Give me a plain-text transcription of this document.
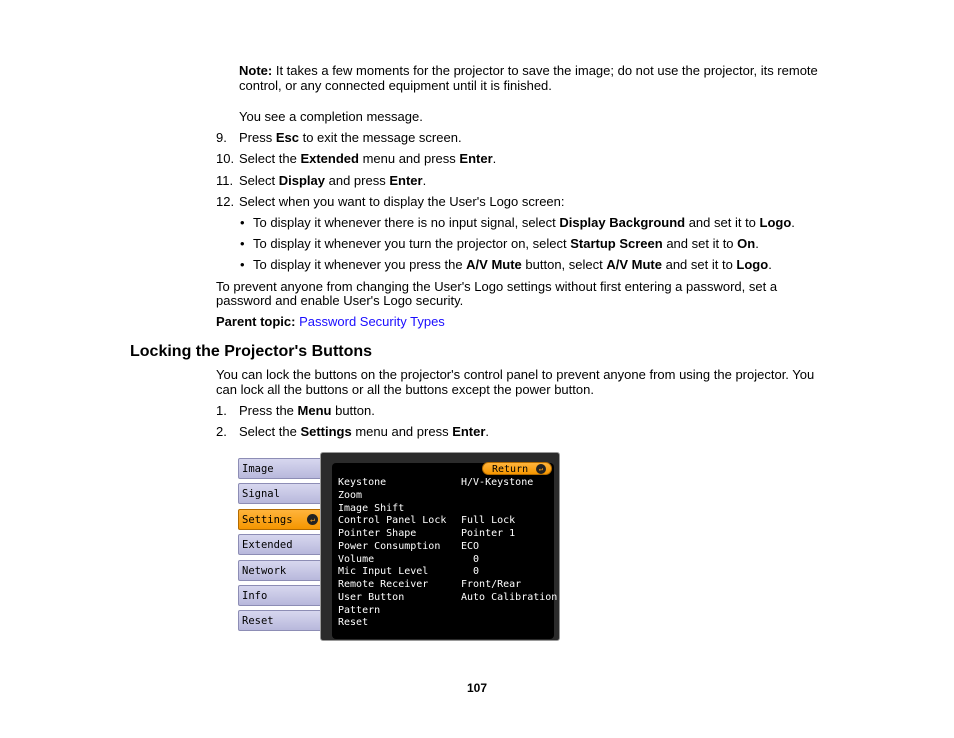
Note: It takes a few moments for the projector to save the image; do not use the projector, its remote
control, or any connected equipment until it is finished.
You see a completion message.
9. Press Esc to exit the message screen.
10. Select the Extended menu and press Enter.
11. Select Display and press Enter.
12. Select when you want to display the User's Logo screen:
• To display it whenever there is no input signal, select Display Background and set it to Logo.
• To display it whenever you turn the projector on, select Startup Screen and set it to On.
• To display it whenever you press the A/V Mute button, select A/V Mute and set it to Logo.
To prevent anyone from changing the User's Logo settings without first entering a password, set a
password and enable User's Logo security.
Parent topic: Password Security Types
Locking the Projector's Buttons
You can lock the buttons on the projector's control panel to prevent anyone from using the projector. You
can lock all the buttons or all the buttons except the power button.
1. Press the Menu button.
2. Select the Settings menu and press Enter.
Image
Signal
Settings	↵
Extended
Network
Info
Reset
Return	↵
Keystone	H/V-Keystone
Zoom
Image Shift
Control Panel Lock Full Lock
Pointer Shape	Pointer 1
Power Consumption ECO
Volume	0
Mic Input Level	0
Remote Receiver	Front/Rear
User Button	Auto Calibration
Pattern
Reset
107
